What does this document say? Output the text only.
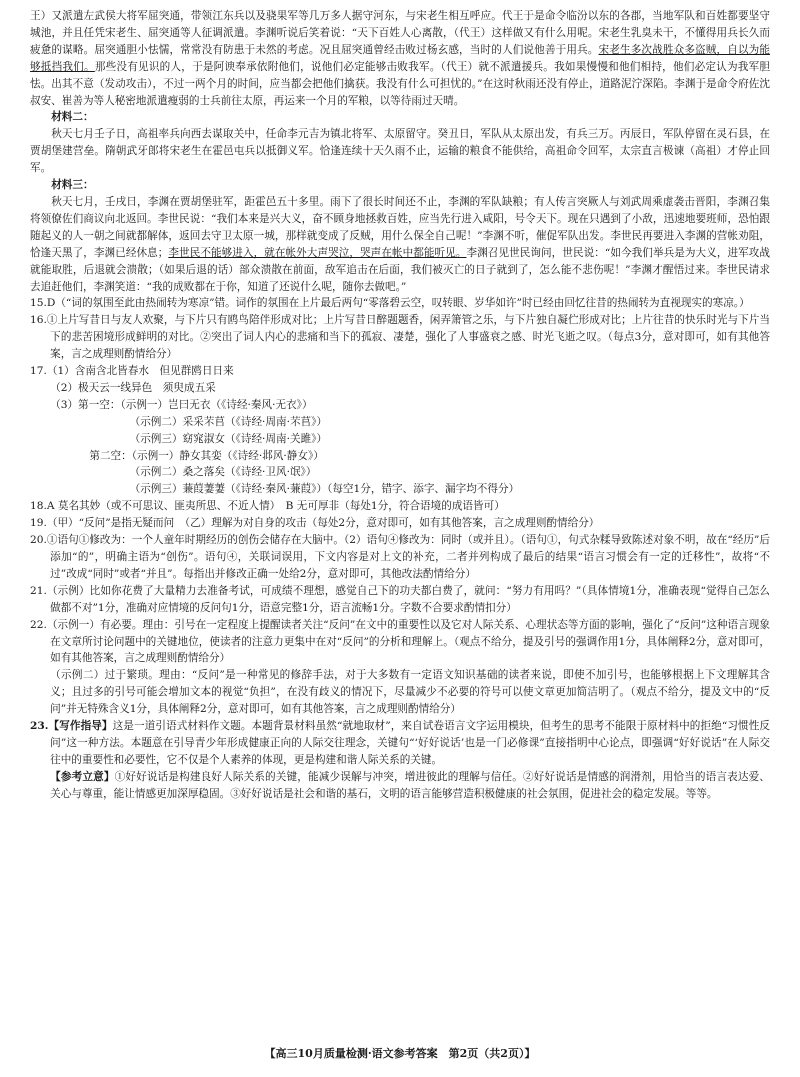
王）又派遣左武侯大将军屈突通，带领江东兵以及骁果军等几万多人据守河东，与宋老生相互呼应。代王于是命令临汾以东的各郡，当地军队和百姓都要坚守城池，并且任凭宋老生、屈突通等人征调派遣。李渊听说后笑着说：“天下百姓人心离散，（代王）这样做又有什么用呢。宋老生乳臭未干，不懂得用兵长久而疲惫的谋略。屈突通胆小怯懦，常常没有防患于未然的考虑。况且屈突通曾经击败过杨玄感，当时的人们说他善于用兵。宋老生多次战胜众多盗贼，自以为能够抵挡我们。那些没有见识的人，于是阿谀奉承依附他们，说他们必定能够击败我军。（代王）就不派遣援兵。我如果慢慢和他们相持，他们必定认为我军胆怯。出其不意（发动攻击），不过一两个月的时间，应当都会把他们擒获。我没有什么可担忧的。”在这时秋雨还没有停止，道路泥泞深陷。李渊于是命令府佐沈叔安、崔善为等人秘密地派遣瘦弱的士兵前往太原，再运来一个月的军粮，以等待雨过天晴。

材料二：

秋天七月壬子日，高祖率兵向西去谋取关中，任命李元吉为镇北将军、太原留守。癸丑日，军队从太原出发，有兵三万。丙辰日，军队停留在灵石县，在贾胡堡建营垒。隋朝武牙郎将宋老生在霍邑屯兵以抵御义军。恰逢连续十天久雨不止，运输的粮食不能供给，高祖命令回军，太宗直言极谏（高祖）才停止回军。

材料三：

秋天七月，壬戌日，李渊在贾胡堡驻军，距霍邑五十多里。雨下了很长时间还不止，李渊的军队缺粮；有人传言突厥人与刘武周乘虚袭击晋阳，李渊召集将领僚佐们商议向北返回。李世民说：“我们本来是兴大义，奋不顾身地拯救百姓，应当先行进入咸阳，号令天下。现在只遇到了小敌，迅速地要班师，恐怕跟随起义的人一朝之间就都解体，返回去守卫太原一城，那样就变成了反贼，用什么保全自己呢！”李渊不听，催促军队出发。李世民再要进入李渊的营帐劝阻，恰逢天黑了，李渊已经休息；李世民不能够进入，就在帐外大声哭泣，哭声在帐中都能听见。李渊召见世民询问，世民说：“如今我们举兵是为大义，进军攻战就能取胜，后退就会溃散；（如果后退的话）部众溃散在前面，敌军追击在后面，我们被灭亡的日子就到了，怎么能不悲伤呢！”李渊才醒悟过来。李世民请求去追赶他们，李渊笑道：“我的成败都在于你，知道了还说什么呢，随你去做吧。”

15.D（“词的氛围至此由热闹转为寒凉”错。词作的氛围在上片最后两句“零落碧云空，叹转眼、岁华如许”时已经由回忆往昔的热闹转为直视现实的寒凉。）

16.①上片写昔日与友人欢聚，与下片只有鸥鸟陪伴形成对比；上片写昔日醉题题香，闲弄箫管之乐，与下片独自凝伫形成对比；上片往昔的快乐时光与下片当下的悲苦困境形成鲜明的对比。②突出了词人内心的悲痛和当下的孤寂、凄楚，强化了人事盛衰之感、时光飞逝之叹。（每点3分，意对即可，如有其他答案，言之成理则酌情给分）

17.（1）含南含北皆春水　但见群鸥日日来

（2）极天云一线异色　须臾成五采

（3）第一空：（示例一）岂曰无衣（《诗经·秦风·无衣》）

（示例二）采采芣苢（《诗经·周南·芣苢》）

（示例三）窈窕淑女（《诗经·周南·关雎》）

第二空：（示例一）静女其娈（《诗经·邶风·静女》）

（示例二）桑之落矣（《诗经·卫风·氓》）

（示例三）蒹葭萋萋（《诗经·秦风·蒹葭》）（每空1分，错字、添字、漏字均不得分）

18.A 莫名其妙（或不可思议、匪夷所思、不近人情）　B 无可厚非（每处1分，符合语境的成语皆可）

19.（甲）“反问”是指无疑而问　（乙）理解为对自身的攻击（每处2分，意对即可，如有其他答案，言之成理则酌情给分）

20.①语句①修改为：一个人童年时期经历的创伤会储存在大脑中。（2）语句④修改为：同时（或并且）。（语句①，句式杂糅导致陈述对象不明，故在“经历”后添加“的”，明确主语为“创伤”。语句④，关联词误用，下文内容是对上文的补充，二者并列构成了最后的结果“语言习惯会有一定的迁移性”，故将“不过”改成“同时”或者“并且”。每指出并修改正确一处给2分，意对即可，其他改法酌情给分）

21.（示例）比如你花费了大量精力去准备考试，可成绩不理想，感觉自己下的功夫都白费了，就问：“努力有用吗？”（具体情境1分，准确表现“觉得自己怎么做都不对”1分，准确对应情境的反问句1分，语意完整1分，语言流畅1分。字数不合要求酌情扣分）

22.（示例一）有必要。理由：引号在一定程度上提醒读者关注“反问”在文中的重要性以及它对人际关系、心理状态等方面的影响，强化了“反问”这种语言现象在文章所讨论问题中的关键地位，使读者的注意力更集中在对“反问”的分析和理解上。（观点不给分，提及引号的强调作用1分，具体阐释2分，意对即可，如有其他答案，言之成理则酌情给分）

（示例二）过于繁琐。理由：“反问”是一种常见的修辞手法，对于大多数有一定语文知识基础的读者来说，即使不加引号，也能够根据上下文理解其含义；且过多的引号可能会增加文本的视觉“负担”，在没有歧义的情况下，尽量减少不必要的符号可以使文章更加简洁明了。（观点不给分，提及文中的“反问”并无特殊含义1分，具体阐释2分，意对即可，如有其他答案，言之成理则酌情给分）

23.【写作指导】这是一道引语式材料作文题。本题背景材料虽然“就地取材”，来自试卷语言文字运用模块，但考生的思考不能限于原材料中的拒绝“习惯性反问”这一种方法。本题意在引导青少年形成健康正向的人际交往理念，关键句“‘好好说话’也是一门必修课”直接指明中心论点，即强调“好好说话”在人际交往中的重要性和必要性，它不仅是个人素养的体现，更是构建和谐人际关系的关键。

【参考立意】①好好说话是构建良好人际关系的关键，能减少误解与冲突，增进彼此的理解与信任。②好好说话是情感的润滑剂，用恰当的语言表达爱、关心与尊重，能让情感更加深厚稳固。③好好说话是社会和谐的基石，文明的语言能够营造积极健康的社会氛围，促进社会的稳定发展。等等。

【高三10月质量检测·语文参考答案　第2页（共2页）】
